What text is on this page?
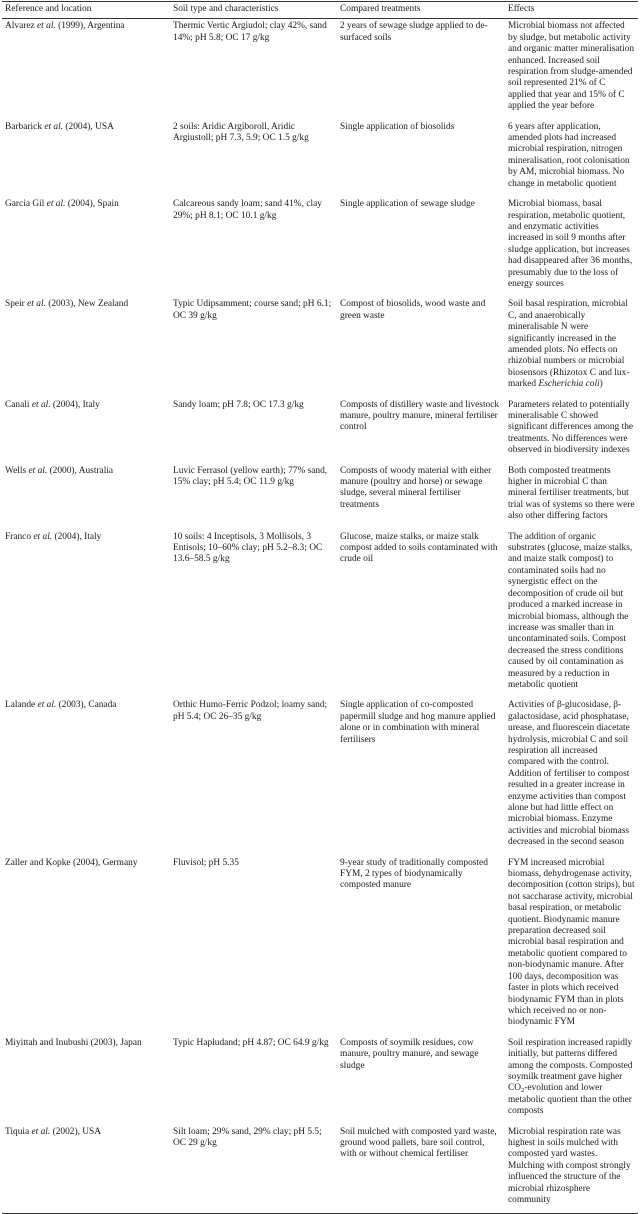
Reference and location	Soil type and characteristics	Compared treatments	Effects
Alvarez et al. (1999), Argentina	Thermic Vertic Argiudol; clay 42%, sand 14%; pH 5.8; OC 17 g/kg	2 years of sewage sludge applied to de-surfaced soils	Microbial biomass not affected by sludge, but metabolic activity and organic matter mineralisation enhanced. Increased soil respiration from sludge-amended soil represented 21% of C applied that year and 15% of C applied the year before
Barbarick et al. (2004), USA	2 soils: Aridic Argiboroll, Aridic Argiustoll; pH 7.3, 5.9; OC 1.5 g/kg	Single application of biosolids	6 years after application, amended plots had increased microbial respiration, nitrogen mineralisation, root colonisation by AM, microbial biomass. No change in metabolic quotient
Garcia Gil et al. (2004), Spain	Calcareous sandy loam; sand 41%, clay 29%; pH 8.1; OC 10.1 g/kg	Single application of sewage sludge	Microbial biomass, basal respiration, metabolic quotient, and enzymatic activities increased in soil 9 months after sludge application, but increases had disappeared after 36 months, presumably due to the loss of energy sources
Speir et al. (2003), New Zealand	Typic Udipsamment; course sand; pH 6.1; OC 39 g/kg	Compost of biosolids, wood waste and green waste	Soil basal respiration, microbial C, and anaerobically mineralisable N were significantly increased in the amended plots. No effects on rhizobial numbers or microbial biosensors (Rhizotox C and lux-marked Escherichia coli)
Canali et al. (2004), Italy	Sandy loam; pH 7.8; OC 17.3 g/kg	Composts of distillery waste and livestock manure, poultry manure, mineral fertiliser control	Parameters related to potentially mineralisable C showed significant differences among the treatments. No differences were observed in biodiversity indexes
Wells et al. (2000), Australia	Luvic Ferrasol (yellow earth); 77% sand, 15% clay; pH 5.4; OC 11.9 g/kg	Composts of woody material with either manure (poultry and horse) or sewage sludge, several mineral fertiliser treatments	Both composted treatments higher in microbial C than mineral fertiliser treatments, but trial was of systems so there were also other differing factors
Franco et al. (2004), Italy	10 soils: 4 Inceptisols, 3 Mollisols, 3 Entisols; 10–60% clay; pH 5.2–8.3; OC 13.6–58.5 g/kg	Glucose, maize stalks, or maize stalk compost added to soils contaminated with crude oil	The addition of organic substrates (glucose, maize stalks, and maize stalk compost) to contaminated soils had no synergistic effect on the decomposition of crude oil but produced a marked increase in microbial biomass, although the increase was smaller than in uncontaminated soils. Compost decreased the stress conditions caused by oil contamination as measured by a reduction in metabolic quotient
Lalande et al. (2003), Canada	Orthic Humo-Ferric Podzol; loamy sand; pH 5.4; OC 26–35 g/kg	Single application of co-composted papermill sludge and hog manure applied alone or in combination with mineral fertilisers	Activities of β-glucosidase, β-galactosidase, acid phosphatase, urease, and fluorescein diacetate hydrolysis, microbial C and soil respiration all increased compared with the control. Addition of fertiliser to compost resulted in a greater increase in enzyme activities than compost alone but had little effect on microbial biomass. Enzyme activities and microbial biomass decreased in the second season
Zaller and Kopke (2004), Germany	Fluvisol; pH 5.35	9-year study of traditionally composted FYM, 2 types of biodynamically composted manure	FYM increased microbial biomass, dehydrogenase activity, decomposition (cotton strips), but not saccharase activity, microbial basal respiration, or metabolic quotient. Biodynamic manure preparation decreased soil microbial basal respiration and metabolic quotient compared to non-biodynamic manure. After 100 days, decomposition was faster in plots which received biodynamic FYM than in plots which received no or non-biodynamic FYM
Miyittah and Inubushi (2003), Japan	Typic Hapludand; pH 4.87; OC 64.9 g/kg	Composts of soymilk residues, cow manure, poultry manure, and sewage sludge	Soil respiration increased rapidly initially, but patterns differed among the composts. Composted soymilk treatment gave higher $CO_2$-evolution and lower metabolic quotient than the other composts
Tiquia et al. (2002), USA	Silt loam; 29% sand, 29% clay; pH 5.5; OC 29 g/kg	Soil mulched with composted yard waste, ground wood pallets, bare soil control, with or without chemical fertiliser	Microbial respiration rate was highest in soils mulched with composted yard wastes. Mulching with compost strongly influenced the structure of the microbial rhizosphere community
